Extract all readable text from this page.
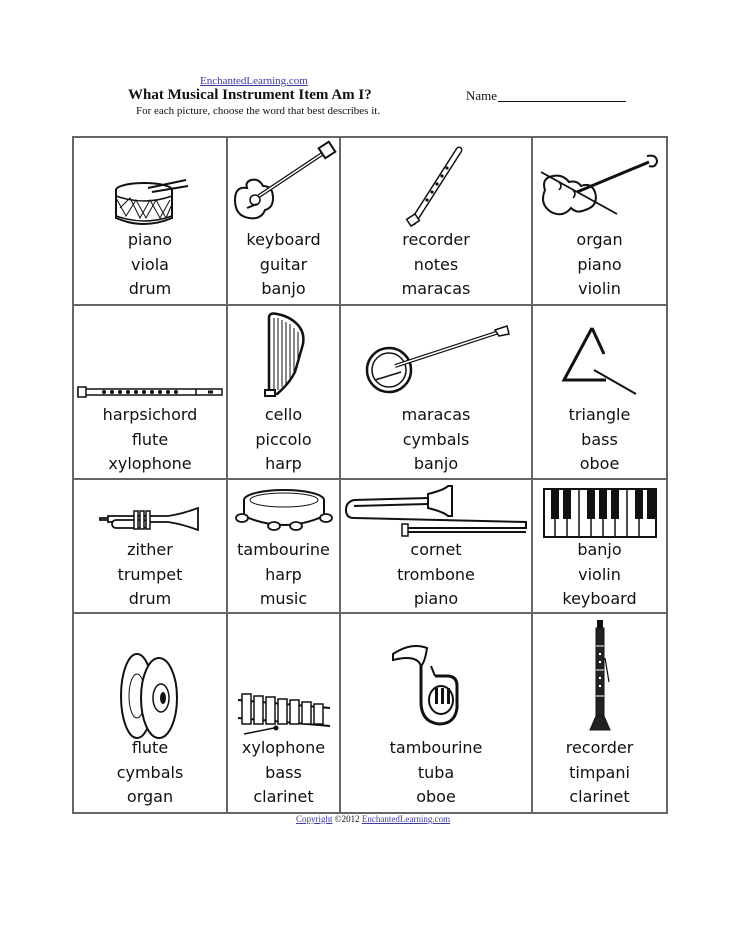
EnchantedLearning.com
What Musical Instrument Item Am I?
For each picture, choose the word that best describes it.
Name
piano
viola
drum
keyboard
guitar
banjo
recorder
notes
maracas
organ
piano
violin
harpsichord
flute
xylophone
cello
piccolo
harp
maracas
cymbals
banjo
triangle
bass
oboe
zither
trumpet
drum
tambourine
harp
music
cornet
trombone
piano
banjo
violin
keyboard
flute
cymbals
organ
xylophone
bass
clarinet
tambourine
tuba
oboe
recorder
timpani
clarinet
Copyright ©2012 EnchantedLearning.com
